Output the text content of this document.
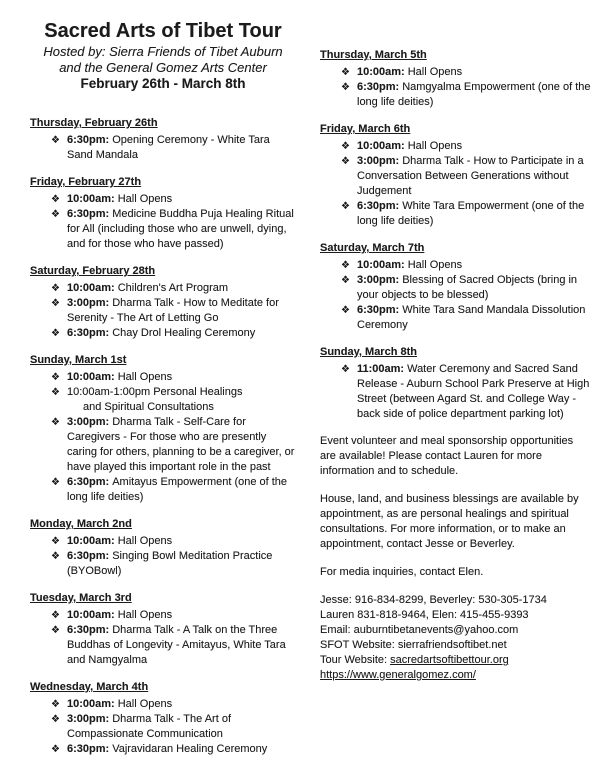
Sacred Arts of Tibet Tour
Hosted by: Sierra Friends of Tibet Auburn
and the General Gomez Arts Center
February 26th - March 8th
Thursday, February 26th
❖ 6:30pm: Opening Ceremony - White Tara Sand Mandala
Friday, February 27th
❖ 10:00am: Hall Opens
❖ 6:30pm: Medicine Buddha Puja Healing Ritual for All (including those who are unwell, dying, and for those who have passed)
Saturday, February 28th
❖ 10:00am: Children's Art Program
❖ 3:00pm: Dharma Talk - How to Meditate for Serenity - The Art of Letting Go
❖ 6:30pm: Chay Drol Healing Ceremony
Sunday, March 1st
❖ 10:00am: Hall Opens
❖ 10:00am-1:00pm Personal Healings
and Spiritual Consultations
❖ 3:00pm: Dharma Talk - Self-Care for Caregivers - For those who are presently caring for others, planning to be a caregiver, or have played this important role in the past
❖ 6:30pm: Amitayus Empowerment (one of the long life deities)
Monday, March 2nd
❖ 10:00am: Hall Opens
❖ 6:30pm: Singing Bowl Meditation Practice (BYOBowl)
Tuesday, March 3rd
❖ 10:00am: Hall Opens
❖ 6:30pm: Dharma Talk - A Talk on the Three Buddhas of Longevity - Amitayus, White Tara and Namgyalma
Wednesday, March 4th
❖ 10:00am: Hall Opens
❖ 3:00pm: Dharma Talk - The Art of Compassionate Communication
❖ 6:30pm: Vajravidaran Healing Ceremony
Thursday, March 5th
❖ 10:00am: Hall Opens
❖ 6:30pm: Namgyalma Empowerment (one of the long life deities)
Friday, March 6th
❖ 10:00am: Hall Opens
❖ 3:00pm: Dharma Talk - How to Participate in a Conversation Between Generations without Judgement
❖ 6:30pm: White Tara Empowerment (one of the long life deities)
Saturday, March 7th
❖ 10:00am: Hall Opens
❖ 3:00pm: Blessing of Sacred Objects (bring in your objects to be blessed)
❖ 6:30pm: White Tara Sand Mandala Dissolution Ceremony
Sunday, March 8th
❖ 11:00am: Water Ceremony and Sacred Sand Release - Auburn School Park Preserve at High Street (between Agard St. and College Way - back side of police department parking lot)

Event volunteer and meal sponsorship opportunities are available! Please contact Lauren for more information and to schedule.

House, land, and business blessings are available by appointment, as are personal healings and spiritual consultations. For more information, or to make an appointment, contact Jesse or Beverley.

For media inquiries, contact Elen.

Jesse: 916-834-8299, Beverley: 530-305-1734
Lauren 831-818-9464, Elen: 415-455-9393
Email: auburntibetanevents@yahoo.com
SFOT Website: sierrafriendsoftibet.net
Tour Website: sacredartsoftibettour.org
https://www.generalgomez.com/
